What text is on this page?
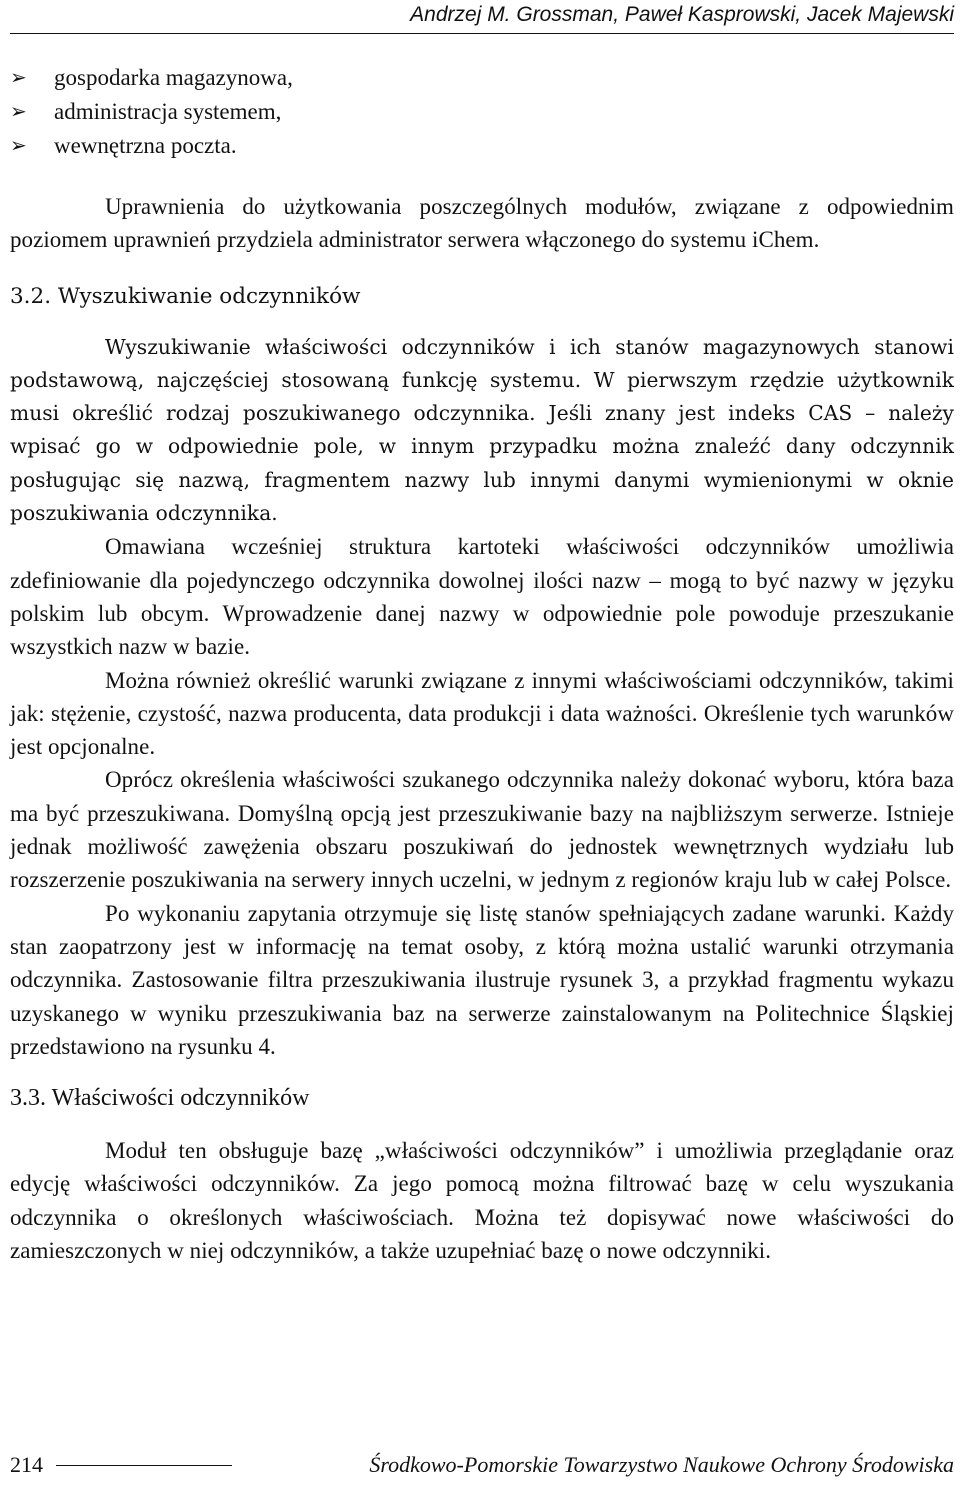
Andrzej M. Grossman, Paweł Kasprowski, Jacek Majewski
➢	gospodarka magazynowa,
➢	administracja systemem,
➢	wewnętrzna poczta.

Uprawnienia do użytkowania poszczególnych modułów, związane z odpowiednim poziomem uprawnień przydziela administrator serwera włączonego do systemu iChem.

3.2. Wyszukiwanie odczynników

Wyszukiwanie właściwości odczynników i ich stanów magazynowych stanowi podstawową, najczęściej stosowaną funkcję systemu. W pierwszym rzędzie użytkownik musi określić rodzaj poszukiwanego odczynnika. Jeśli znany jest indeks CAS – należy wpisać go w odpowiednie pole, w innym przypadku można znaleźć dany odczynnik posługując się nazwą, fragmentem nazwy lub innymi danymi wymienionymi w oknie poszukiwania odczynnika.

Omawiana wcześniej struktura kartoteki właściwości odczynników umożliwia zdefiniowanie dla pojedynczego odczynnika dowolnej ilości nazw – mogą to być nazwy w języku polskim lub obcym. Wprowadzenie danej nazwy w odpowiednie pole powoduje przeszukanie wszystkich nazw w bazie.

Można również określić warunki związane z innymi właściwościami odczynników, takimi jak: stężenie, czystość, nazwa producenta, data produkcji i data ważności. Określenie tych warunków jest opcjonalne.

Oprócz określenia właściwości szukanego odczynnika należy dokonać wyboru, która baza ma być przeszukiwana. Domyślną opcją jest przeszukiwanie bazy na najbliższym serwerze. Istnieje jednak możliwość zawężenia obszaru poszukiwań do jednostek wewnętrznych wydziału lub rozszerzenie poszukiwania na serwery innych uczelni, w jednym z regionów kraju lub w całej Polsce.

Po wykonaniu zapytania otrzymuje się listę stanów spełniających zadane warunki. Każdy stan zaopatrzony jest w informację na temat osoby, z którą można ustalić warunki otrzymania odczynnika. Zastosowanie filtra przeszukiwania ilustruje rysunek 3, a przykład fragmentu wykazu uzyskanego w wyniku przeszukiwania baz na serwerze zainstalowanym na Politechnice Śląskiej przedstawiono na rysunku 4.

3.3. Właściwości odczynników

Moduł ten obsługuje bazę „właściwości odczynników” i umożliwia przeglądanie oraz edycję właściwości odczynników. Za jego pomocą można filtrować bazę w celu wyszukania odczynnika o określonych właściwościach. Można też dopisywać nowe właściwości do zamieszczonych w niej odczynników, a także uzupełniać bazę o nowe odczynniki.

214	Środkowo-Pomorskie Towarzystwo Naukowe Ochrony Środowiska
